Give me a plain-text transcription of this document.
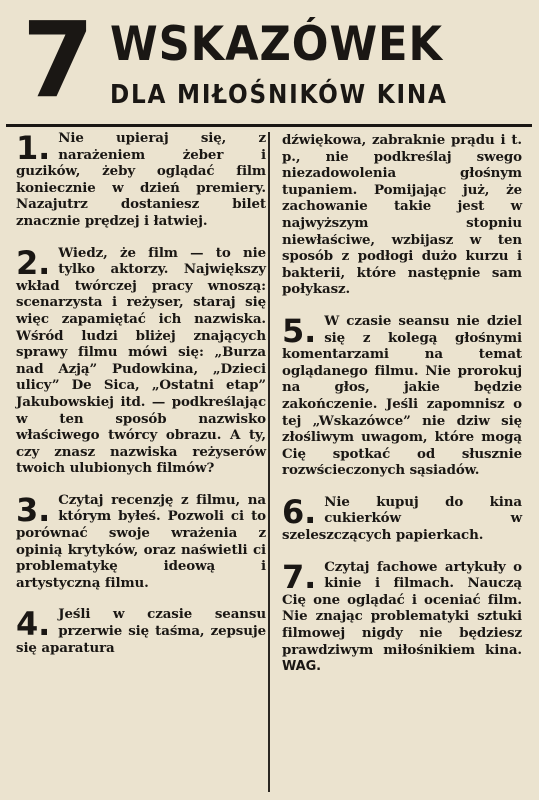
7 WSKAZÓWEK
DLA MIŁOŚNIKÓW KINA
1. Nie upieraj się, z narażeniem żeber i guzików, żeby oglądać film koniecznie w dzień premiery. Nazajutrz dostaniesz bilet znacznie prędzej i łatwiej.

2. Wiedz, że film — to nie tylko aktorzy. Największy wkład twórczej pracy wnoszą: scenarzysta i reżyser, staraj się więc zapamiętać ich nazwiska. Wśród ludzi bliżej znających sprawy filmu mówi się: „Burza nad Azją” Pudowkina, „Dzieci ulicy” De Sica, „Ostatni etap” Jakubowskiej itd. — podkreślając w ten sposób nazwisko właściwego twórcy obrazu. A ty, czy znasz nazwiska reżyserów twoich ulubionych filmów?

3. Czytaj recenzję z filmu, na którym byłeś. Pozwoli ci to porównać swoje wrażenia z opinią krytyków, oraz naświetli ci problematykę ideową i artystyczną filmu.

4. Jeśli w czasie seansu przerwie się taśma, zepsuje się aparatura

dźwiękowa, zabraknie prądu i t. p., nie podkreślaj swego niezadowolenia głośnym tupaniem. Pomijając już, że zachowanie takie jest w najwyższym stopniu niewłaściwe, wzbijasz w ten sposób z podłogi dużo kurzu i bakterii, które następnie sam połykasz.

5. W czasie seansu nie dziel się z kolegą głośnymi komentarzami na temat oglądanego filmu. Nie prorokuj na głos, jakie będzie zakończenie. Jeśli zapomnisz o tej „Wskazówce” nie dziw się złośliwym uwagom, które mogą Cię spotkać od słusznie rozwścieczonych sąsiadów.

6. Nie kupuj do kina cukierków w szeleszczących papierkach.

7. Czytaj fachowe artykuły o kinie i filmach. Nauczą Cię one oglądać i oceniać film. Nie znając problematyki sztuki filmowej nigdy nie będziesz prawdziwym miłośnikiem kina. WAG.
